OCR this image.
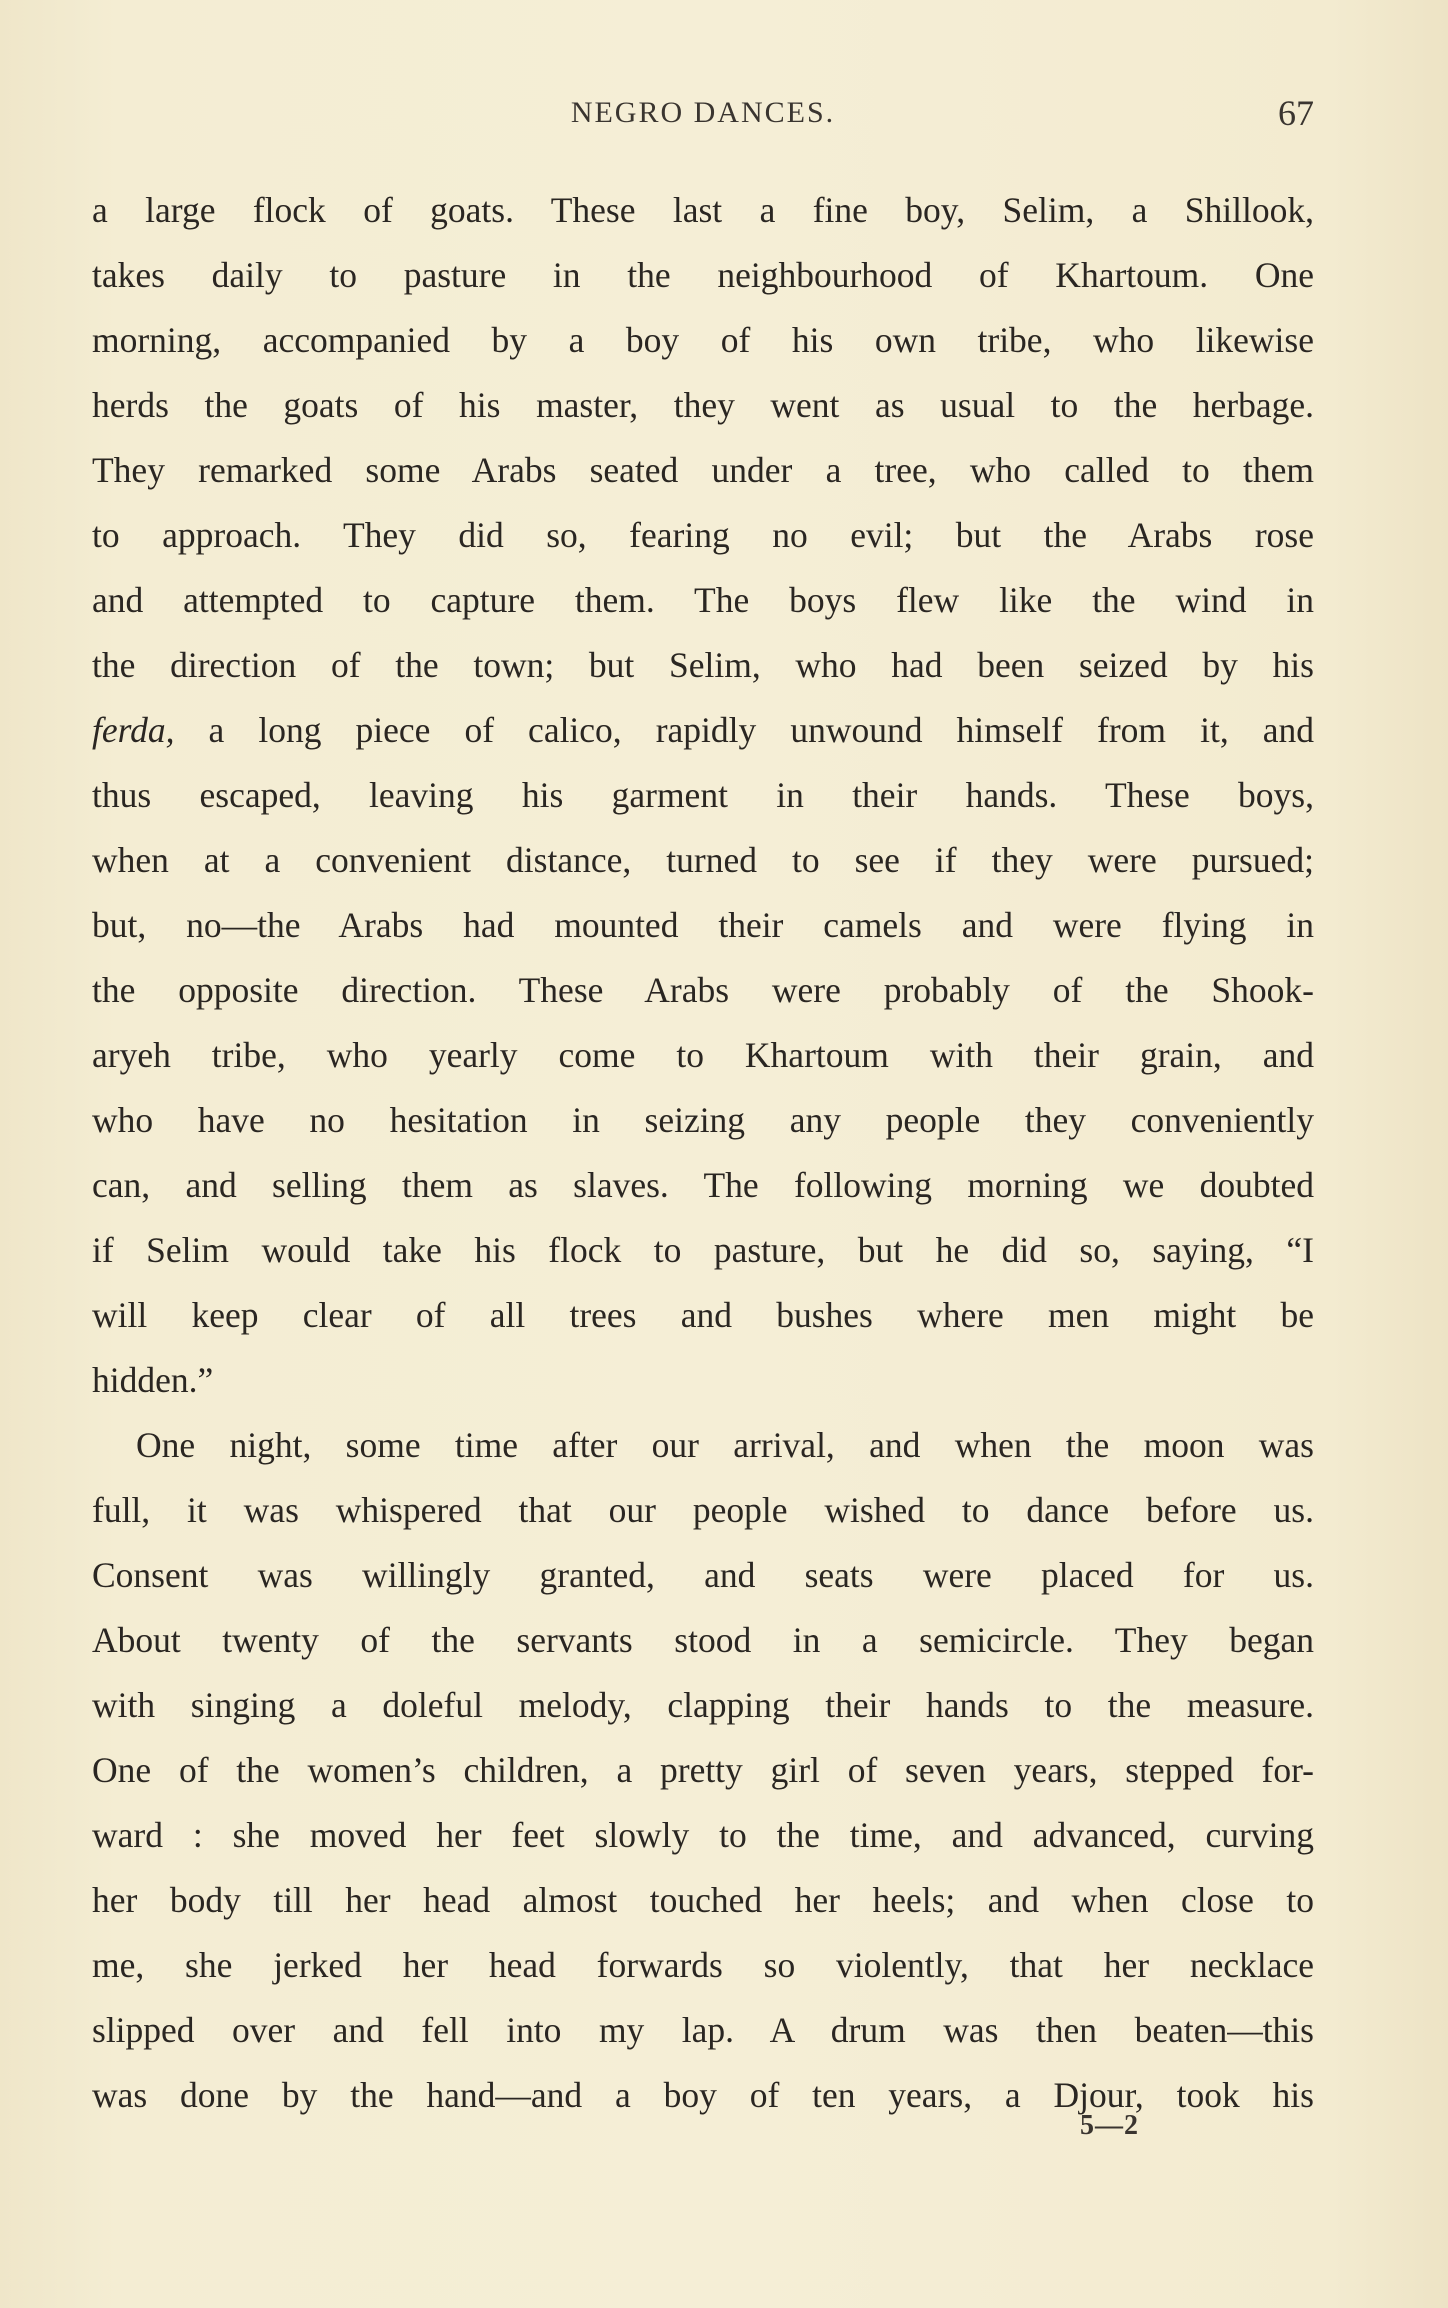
NEGRO DANCES.	67
a large flock of goats. These last a fine boy, Selim, a Shillook,
takes daily to pasture in the neighbourhood of Khartoum. One
morning, accompanied by a boy of his own tribe, who likewise
herds the goats of his master, they went as usual to the herbage.
They remarked some Arabs seated under a tree, who called to them
to approach. They did so, fearing no evil; but the Arabs rose
and attempted to capture them. The boys flew like the wind in
the direction of the town; but Selim, who had been seized by his
ferda, a long piece of calico, rapidly unwound himself from it, and
thus escaped, leaving his garment in their hands. These boys,
when at a convenient distance, turned to see if they were pursued;
but, no—the Arabs had mounted their camels and were flying in
the opposite direction. These Arabs were probably of the Shook-
aryeh tribe, who yearly come to Khartoum with their grain, and
who have no hesitation in seizing any people they conveniently
can, and selling them as slaves. The following morning we doubted
if Selim would take his flock to pasture, but he did so, saying, “I
will keep clear of all trees and bushes where men might be
hidden.”
One night, some time after our arrival, and when the moon was
full, it was whispered that our people wished to dance before us.
Consent was willingly granted, and seats were placed for us.
About twenty of the servants stood in a semicircle. They began
with singing a doleful melody, clapping their hands to the measure.
One of the women’s children, a pretty girl of seven years, stepped for-
ward : she moved her feet slowly to the time, and advanced, curving
her body till her head almost touched her heels; and when close to
me, she jerked her head forwards so violently, that her necklace
slipped over and fell into my lap. A drum was then beaten—this
was done by the hand—and a boy of ten years, a Djour, took his
5—2
